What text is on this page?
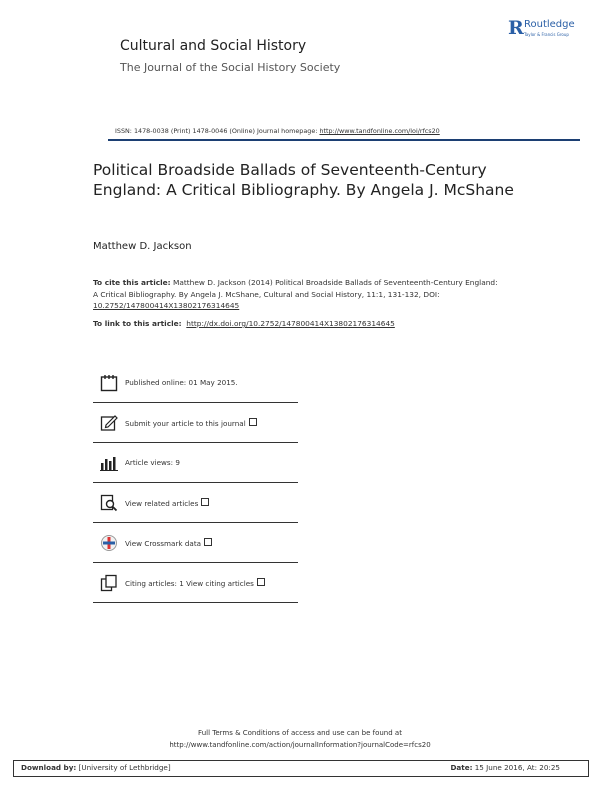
Cultural and Social History
The Journal of the Social History Society
R Routledge
Taylor & Francis Group
ISSN: 1478-0038 (Print) 1478-0046 (Online) Journal homepage: http://www.tandfonline.com/loi/rfcs20
Political Broadside Ballads of Seventeenth-Century England: A Critical Bibliography. By Angela J. McShane
Matthew D. Jackson
To cite this article: Matthew D. Jackson (2014) Political Broadside Ballads of Seventeenth-Century England: A Critical Bibliography. By Angela J. McShane, Cultural and Social History, 11:1, 131-132, DOI: 10.2752/147800414X13802176314645
To link to this article: http://dx.doi.org/10.2752/147800414X13802176314645
Published online: 01 May 2015.
Submit your article to this journal
Article views: 9
View related articles
View Crossmark data
Citing articles: 1 View citing articles
Full Terms & Conditions of access and use can be found at
http://www.tandfonline.com/action/journalInformation?journalCode=rfcs20
Download by: [University of Lethbridge]	Date: 15 June 2016, At: 20:25
